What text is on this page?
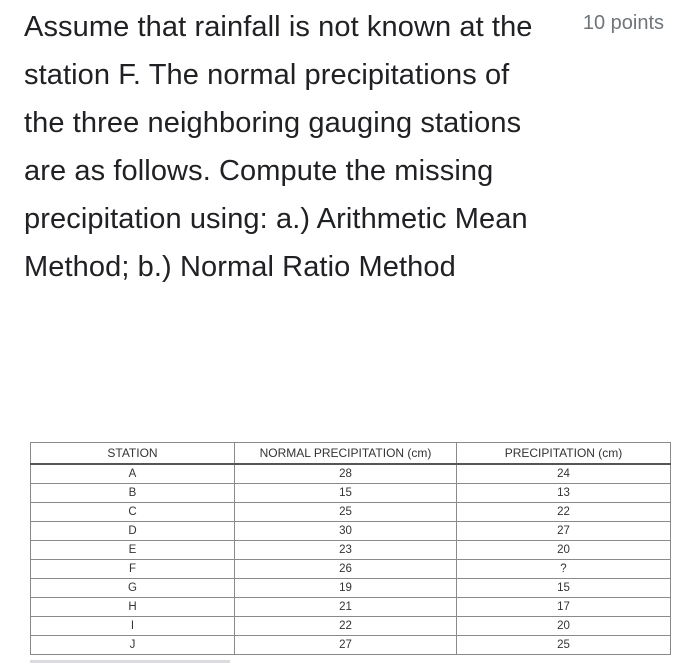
Assume that rainfall is not known at the station F. The normal precipitations of the three neighboring gauging stations are as follows. Compute the missing precipitation using: a.) Arithmetic Mean Method; b.) Normal Ratio Method
10 points
STATION	NORMAL PRECIPITATION (cm)	PRECIPITATION (cm)
A	28	24
B	15	13
C	25	22
D	30	27
E	23	20
F	26	?
G	19	15
H	21	17
I	22	20
J	27	25
